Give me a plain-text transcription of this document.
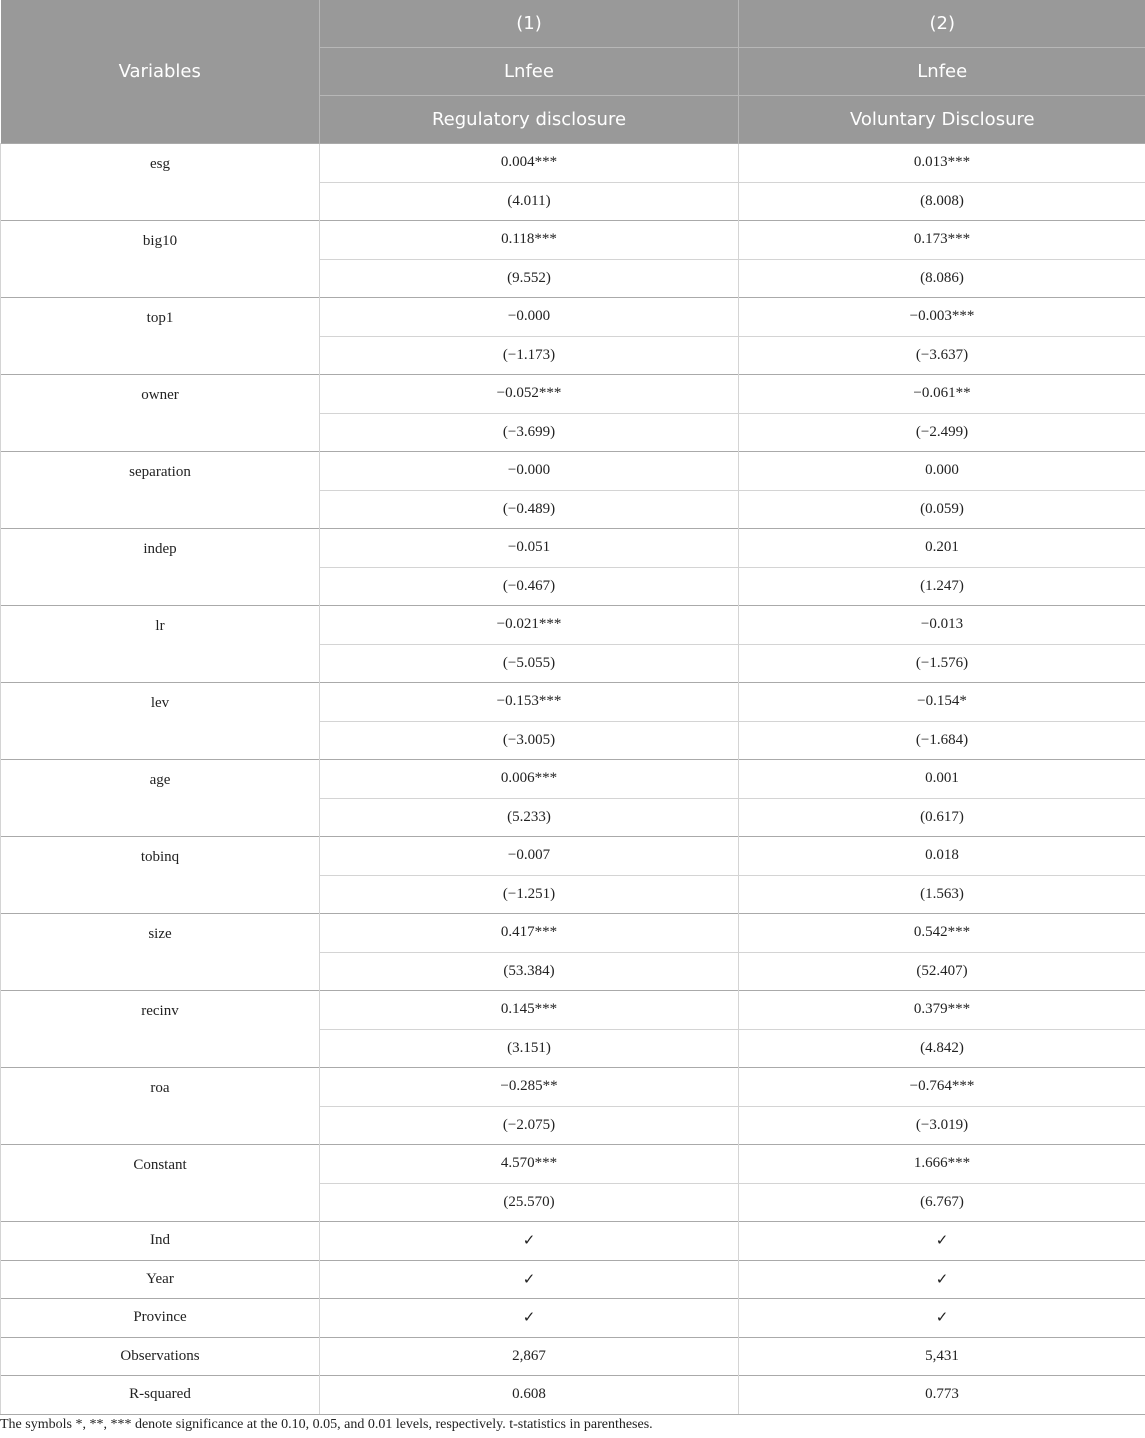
Variables	(1)	(2)
	Lnfee	Lnfee
	Regulatory disclosure	Voluntary Disclosure
esg	0.004***	0.013***
	(4.011)	(8.008)
big10	0.118***	0.173***
	(9.552)	(8.086)
top1	−0.000	−0.003***
	(−1.173)	(−3.637)
owner	−0.052***	−0.061**
	(−3.699)	(−2.499)
separation	−0.000	0.000
	(−0.489)	(0.059)
indep	−0.051	0.201
	(−0.467)	(1.247)
lr	−0.021***	−0.013
	(−5.055)	(−1.576)
lev	−0.153***	−0.154*
	(−3.005)	(−1.684)
age	0.006***	0.001
	(5.233)	(0.617)
tobinq	−0.007	0.018
	(−1.251)	(1.563)
size	0.417***	0.542***
	(53.384)	(52.407)
recinv	0.145***	0.379***
	(3.151)	(4.842)
roa	−0.285**	−0.764***
	(−2.075)	(−3.019)
Constant	4.570***	1.666***
	(25.570)	(6.767)
Ind	✓	✓
Year	✓	✓
Province	✓	✓
Observations	2,867	5,431
R-squared	0.608	0.773
The symbols *, **, *** denote significance at the 0.10, 0.05, and 0.01 levels, respectively. t-statistics in parentheses.
